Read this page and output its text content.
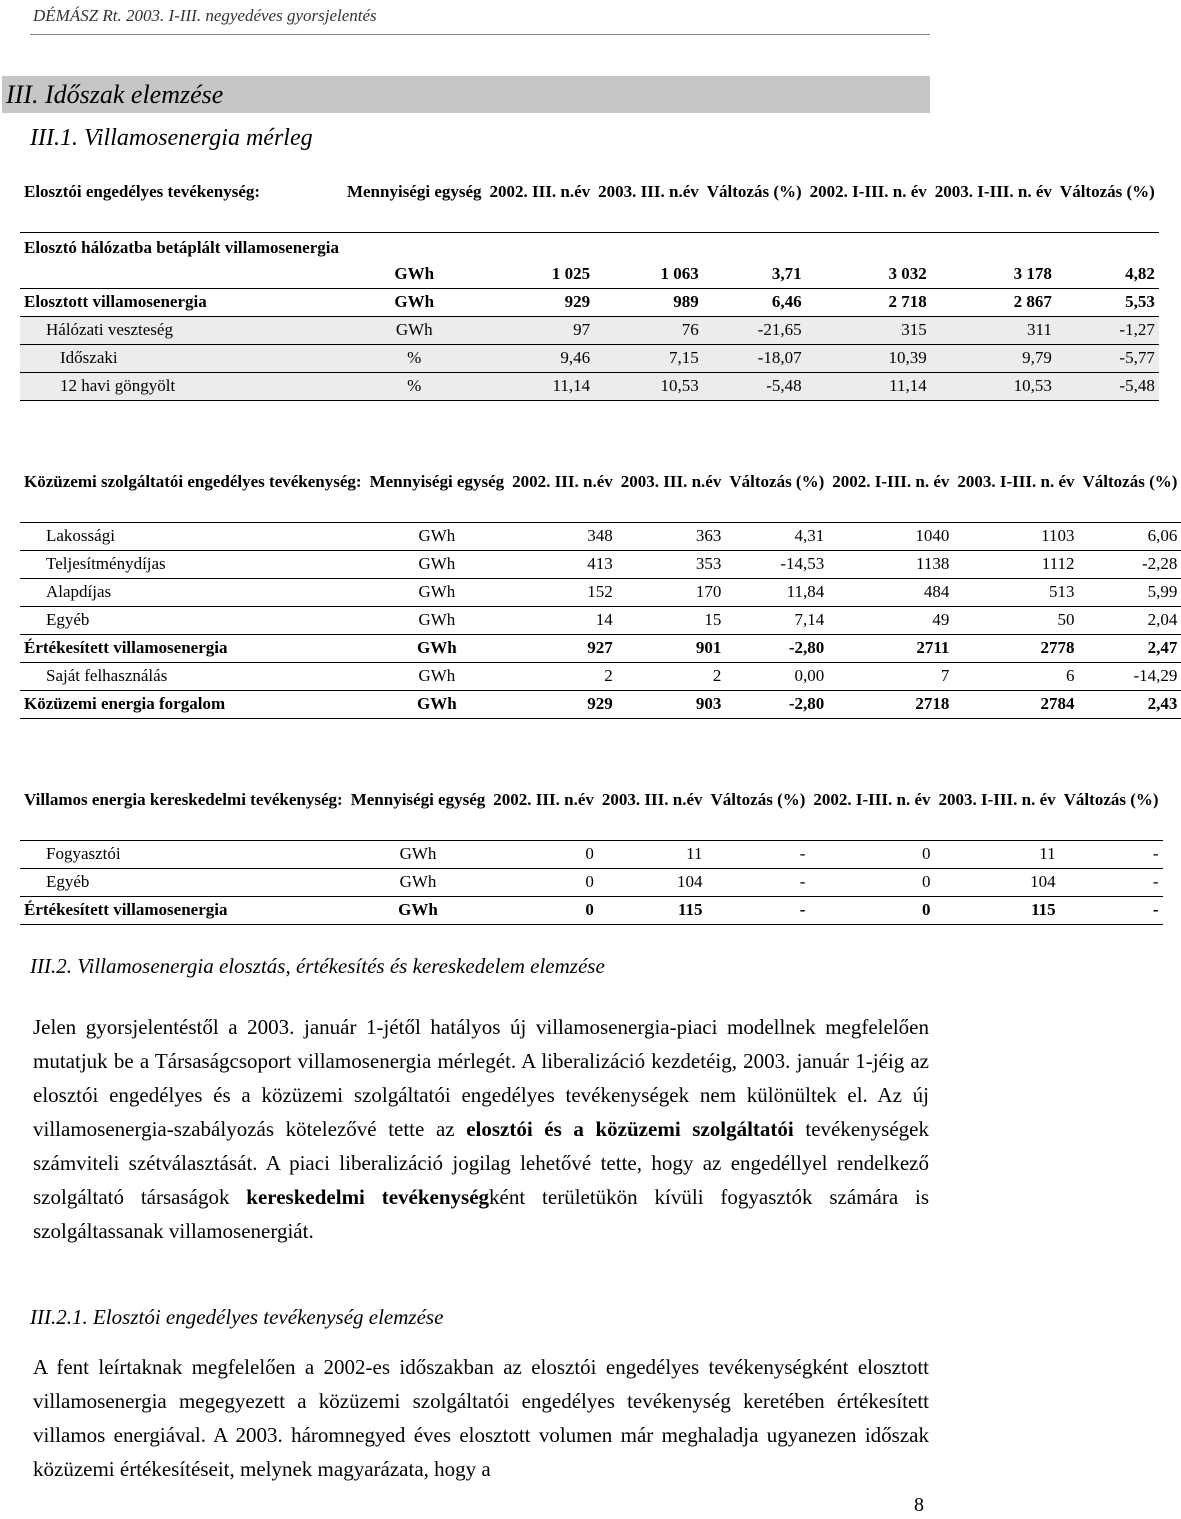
DÉMÁSZ Rt. 2003. I-III. negyedéves gyorsjelentés
III. Időszak elemzése
III.1. Villamosenergia mérleg
Elosztói engedélyes tevékenység:	Mennyiségi egység	2002. III. n.év	2003. III. n.év	Változás (%)	2002. I-III. n. év	2003. I-III. n. év	Változás (%)
Elosztó hálózatba betáplált villamosenergia	GWh	1 025	1 063	3,71	3 032	3 178	4,82
Elosztott villamosenergia	GWh	929	989	6,46	2 718	2 867	5,53
Hálózati veszteség	GWh	97	76	-21,65	315	311	-1,27
Időszaki	%	9,46	7,15	-18,07	10,39	9,79	-5,77
12 havi göngyölt	%	11,14	10,53	-5,48	11,14	10,53	-5,48
Közüzemi szolgáltatói engedélyes tevékenység:	Mennyiségi egység	2002. III. n.év	2003. III. n.év	Változás (%)	2002. I-III. n. év	2003. I-III. n. év	Változás (%)
Lakossági	GWh	348	363	4,31	1040	1103	6,06
Teljesítménydíjas	GWh	413	353	-14,53	1138	1112	-2,28
Alapdíjas	GWh	152	170	11,84	484	513	5,99
Egyéb	GWh	14	15	7,14	49	50	2,04
Értékesített villamosenergia	GWh	927	901	-2,80	2711	2778	2,47
Saját felhasználás	GWh	2	2	0,00	7	6	-14,29
Közüzemi energia forgalom	GWh	929	903	-2,80	2718	2784	2,43
Villamos energia kereskedelmi tevékenység:	Mennyiségi egység	2002. III. n.év	2003. III. n.év	Változás (%)	2002. I-III. n. év	2003. I-III. n. év	Változás (%)
Fogyasztói	GWh	0	11	-	0	11	-
Egyéb	GWh	0	104	-	0	104	-
Értékesített villamosenergia	GWh	0	115	-	0	115	-
III.2. Villamosenergia elosztás, értékesítés és kereskedelem elemzése
Jelen gyorsjelentéstől a 2003. január 1-jétől hatályos új villamosenergia-piaci modellnek megfelelően mutatjuk be a Társaságcsoport villamosenergia mérlegét. A liberalizáció kezdetéig, 2003. január 1-jéig az elosztói engedélyes és a közüzemi szolgáltatói engedélyes tevékenységek nem különültek el. Az új villamosenergia-szabályozás kötelezővé tette az elosztói és a közüzemi szolgáltatói tevékenységek számviteli szétválasztását. A piaci liberalizáció jogilag lehetővé tette, hogy az engedéllyel rendelkező szolgáltató társaságok kereskedelmi tevékenységként területükön kívüli fogyasztók számára is szolgáltassanak villamosenergiát.
III.2.1. Elosztói engedélyes tevékenység elemzése
A fent leírtaknak megfelelően a 2002-es időszakban az elosztói engedélyes tevékenységként elosztott villamosenergia megegyezett a közüzemi szolgáltatói engedélyes tevékenység keretében értékesített villamos energiával. A 2003. háromnegyed éves elosztott volumen már meghaladja ugyanezen időszak közüzemi értékesítéseit, melynek magyarázata, hogy a
8
